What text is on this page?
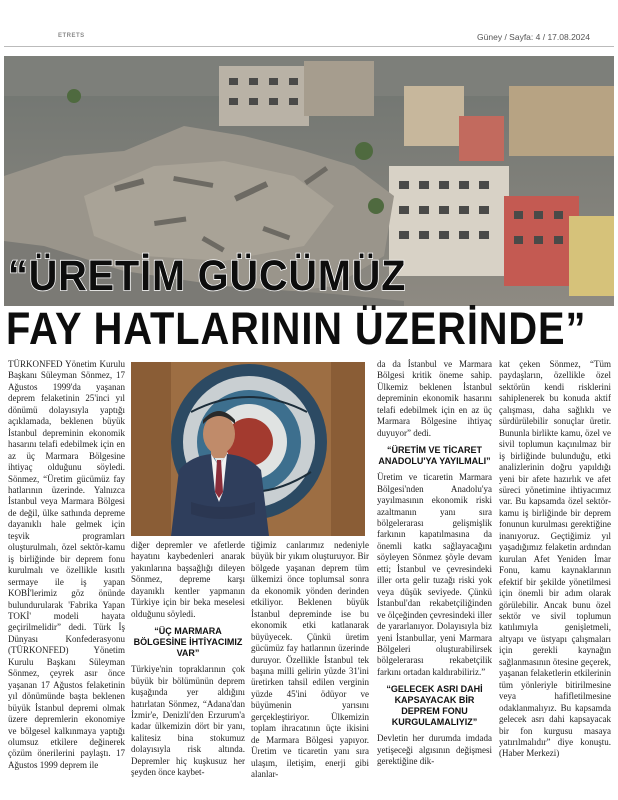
ETRETS	Güney / Sayfa: 4 / 17.08.2024
“ÜRETİM GÜCÜMÜZ
FAY HATLARININ ÜZERİNDE”

TÜRKONFED Yönetim Kurulu Başkanı Süleyman Sönmez, 17 Ağustos 1999'da yaşanan deprem felaketinin 25'inci yıl dönümü dolayısıyla yaptığı açıklamada, beklenen büyük İstanbul depreminin ekonomik hasarını telafi edebilmek için en az üç Marmara Bölgesine ihtiyaç olduğunu söyledi. Sönmez, “Üretim gücümüz fay hatlarının üzerinde. Yalnızca İstanbul veya Marmara Bölgesi de değil, ülke sathında depreme dayanıklı hale gelmek için teşvik programları oluşturulmalı, özel sektör-kamu iş birliğinde bir deprem fonu kurulmalı ve özellikle kısıtlı sermaye ile iş yapan KOBİ'lerimiz göz önünde bulundurularak 'Fabrika Yapan TOKİ' modeli hayata geçirilmelidir” dedi. Türk İş Dünyası Konfederasyonu (TÜRKONFED) Yönetim Kurulu Başkanı Süleyman Sönmez, çeyrek asır önce yaşanan 17 Ağustos felaketinin yıl dönümünde başta beklenen büyük İstanbul depremi olmak üzere depremlerin ekonomiye ve bölgesel kalkınmaya yaptığı olumsuz etkilere değinerek çözüm önerilerini paylaştı. 17 Ağustos 1999 deprem ile

diğer depremler ve afetlerde hayatını kaybedenleri anarak yakınlarına başsağlığı dileyen Sönmez, depreme karşı dayanıklı kentler yapmanın Türkiye için bir beka meselesi olduğunu söyledi.

“ÜÇ MARMARA BÖLGESİNE İHTİYACIMIZ VAR”

Türkiye'nin topraklarının çok büyük bir bölümünün deprem kuşağında yer aldığını hatırlatan Sönmez, “Adana'dan İzmir'e, Denizli'den Erzurum'a kadar ülkemizin dört bir yanı, kalitesiz bina stokumuz dolayısıyla risk altında. Depremler hiç kuşkusuz her şeyden önce kaybet-

tiğimiz canlarımız nedeniyle büyük bir yıkım oluşturuyor. Bir bölgede yaşanan deprem tüm ülkemizi önce toplumsal sonra da ekonomik yönden derinden etkiliyor. Beklenen büyük İstanbul depreminde ise bu ekonomik etki katlanarak büyüyecek. Çünkü üretim gücümüz fay hatlarının üzerinde duruyor. Özellikle İstanbul tek başına milli gelirin yüzde 31'ini üretirken tahsil edilen verginin yüzde 45'ini ödüyor ve büyümenin yarısını gerçekleştiriyor. Ülkemizin toplam ihracatının üçte ikisini de Marmara Bölgesi yapıyor. Üretim ve ticaretin yanı sıra ulaşım, iletişim, enerji gibi alanlar-

da da İstanbul ve Marmara Bölgesi kritik öneme sahip. Ülkemiz beklenen İstanbul depreminin ekonomik hasarını telafi edebilmek için en az üç Marmara Bölgesine ihtiyaç duyuyor” dedi.

“ÜRETİM VE TİCARET ANADOLU'YA YAYILMALI”

Üretim ve ticaretin Marmara Bölgesi'nden Anadolu'ya yayılmasının ekonomik riski azaltmanın yanı sıra bölgelerarası gelişmişlik farkının kapatılmasına da önemli katkı sağlayacağını söyleyen Sönmez şöyle devam etti; İstanbul ve çevresindeki iller orta gelir tuzağı riski yok veya düşük seviyede. Çünkü İstanbul'dan rekabetçiliğinden ve ölçeğinden çevresindeki iller de yararlanıyor. Dolayısıyla biz yeni İstanbullar, yeni Marmara Bölgeleri oluşturabilirsek bölgelerarası rekabetçilik farkını ortadan kaldırabiliriz.”

“GELECEK ASRI DAHİ KAPSAYACAK BİR DEPREM FONU KURGULAMALIYIZ”

Devletin her durumda imdada yetişeceği algısının değişmesi gerektiğine dik-

kat çeken Sönmez, “Tüm paydaşların, özellikle özel sektörün kendi risklerini sahiplenerek bu konuda aktif çalışması, daha sağlıklı ve sürdürülebilir sonuçlar üretir. Bununla birlikte kamu, özel ve sivil toplumun kaçınılmaz bir iş birliğinde bulunduğu, etki analizlerinin doğru yapıldığı yeni bir afete hazırlık ve afet süreci yönetimine ihtiyacımız var. Bu kapsamda özel sektör-kamu iş birliğinde bir deprem fonunun kurulması gerektiğine inanıyoruz. Geçtiğimiz yıl yaşadığımız felaketin ardından kurulan Afet Yeniden İmar Fonu, kamu kaynaklarının efektif bir şekilde yönetilmesi için önemli bir adım olarak görülebilir. Ancak bunu özel sektör ve sivil toplumun katılımıyla genişletmeli, altyapı ve üstyapı çalışmaları için gerekli kaynağın sağlanmasının ötesine geçerek, yaşanan felaketlerin etkilerinin tüm yönleriyle bitirilmesine veya hafifletilmesine odaklanmalıyız. Bu kapsamda gelecek asrı dahi kapsayacak bir fon kurgusu masaya yatırılmalıdır” diye konuştu. (Haber Merkezi)
